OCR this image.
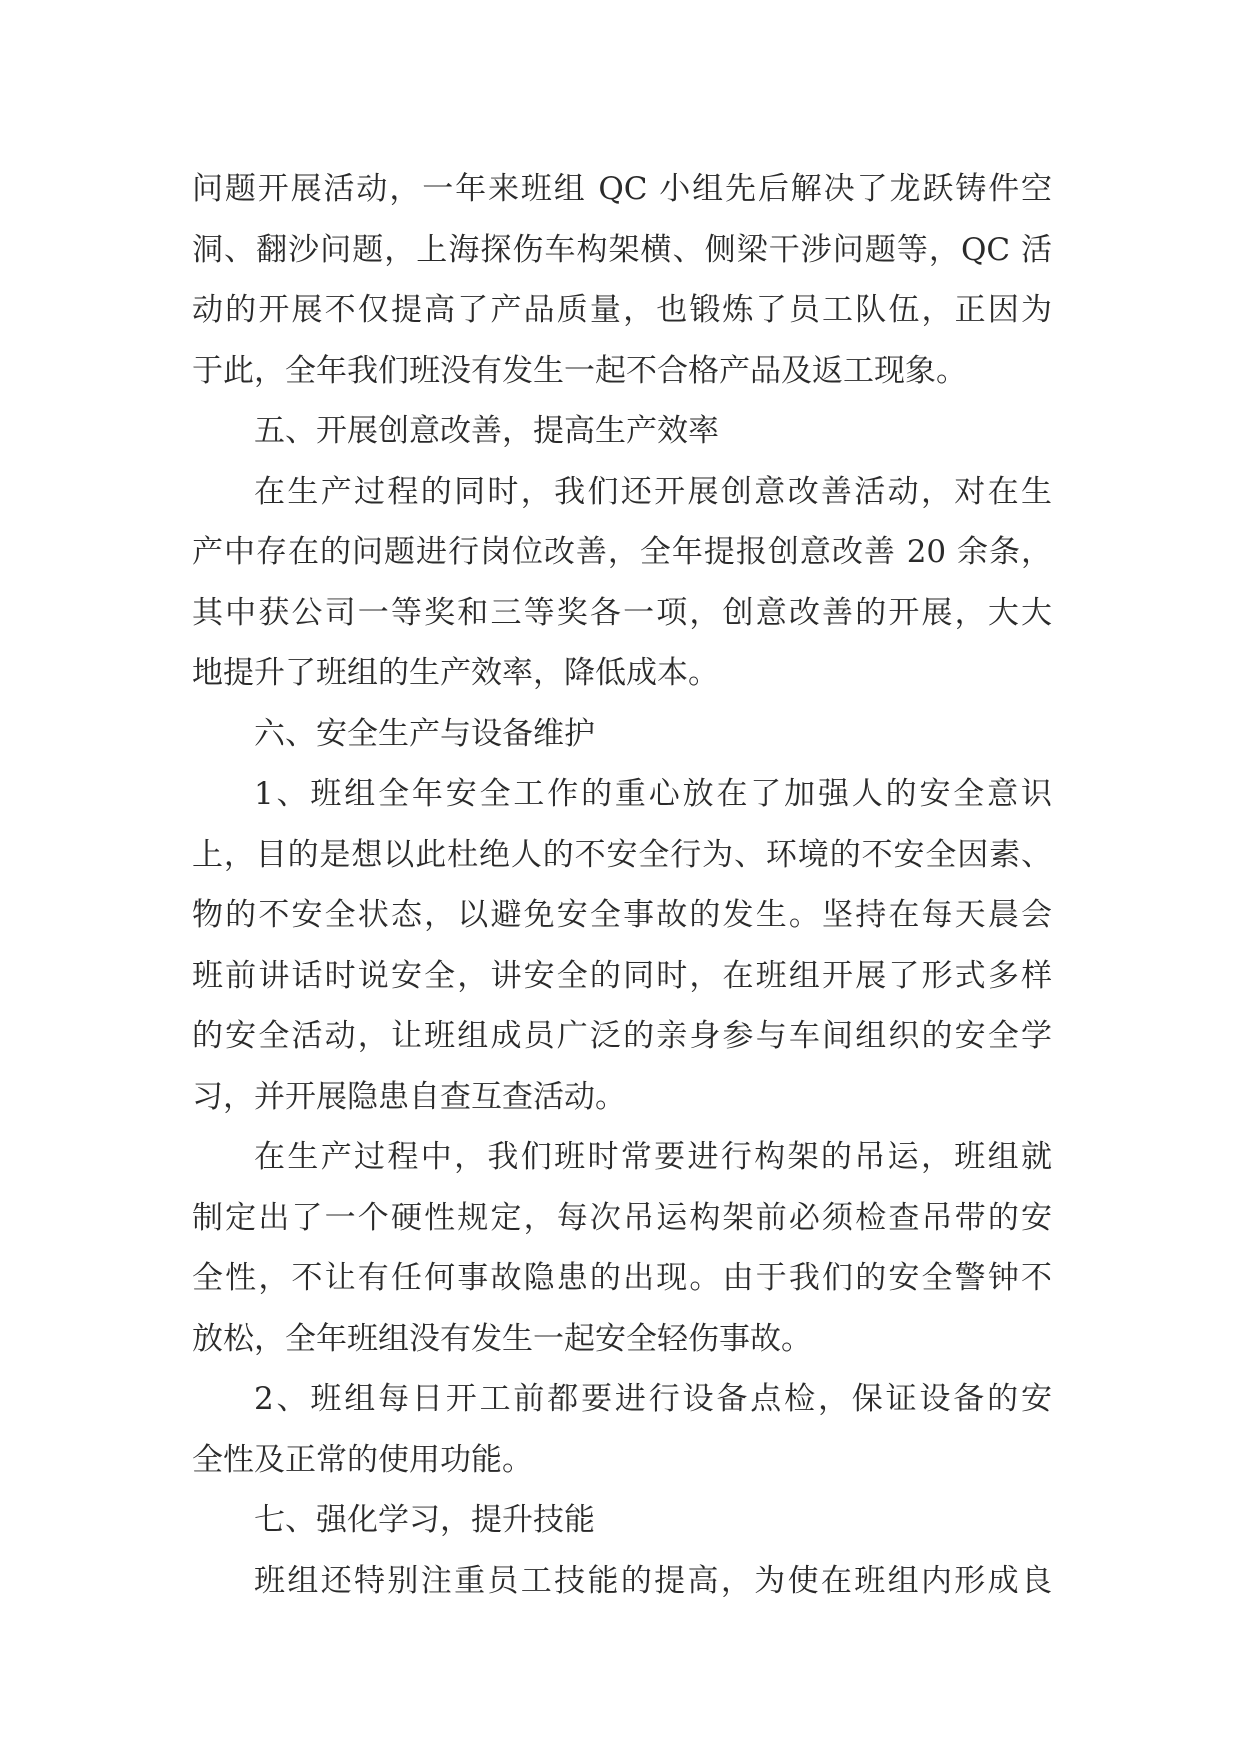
问题开展活动，一年来班组 QC 小组先后解决了龙跃铸件空
洞、翻沙问题，上海探伤车构架横、侧梁干涉问题等，QC 活
动的开展不仅提高了产品质量，也锻炼了员工队伍，正因为
于此，全年我们班没有发生一起不合格产品及返工现象。
五、开展创意改善，提高生产效率
在生产过程的同时，我们还开展创意改善活动，对在生
产中存在的问题进行岗位改善，全年提报创意改善 20 余条，
其中获公司一等奖和三等奖各一项，创意改善的开展，大大
地提升了班组的生产效率，降低成本。
六、安全生产与设备维护
1、班组全年安全工作的重心放在了加强人的安全意识
上，目的是想以此杜绝人的不安全行为、环境的不安全因素、
物的不安全状态，以避免安全事故的发生。坚持在每天晨会
班前讲话时说安全，讲安全的同时，在班组开展了形式多样
的安全活动，让班组成员广泛的亲身参与车间组织的安全学
习，并开展隐患自查互查活动。
在生产过程中，我们班时常要进行构架的吊运，班组就
制定出了一个硬性规定，每次吊运构架前必须检查吊带的安
全性，不让有任何事故隐患的出现。由于我们的安全警钟不
放松，全年班组没有发生一起安全轻伤事故。
2、班组每日开工前都要进行设备点检，保证设备的安
全性及正常的使用功能。
七、强化学习，提升技能
班组还特别注重员工技能的提高，为使在班组内形成良
